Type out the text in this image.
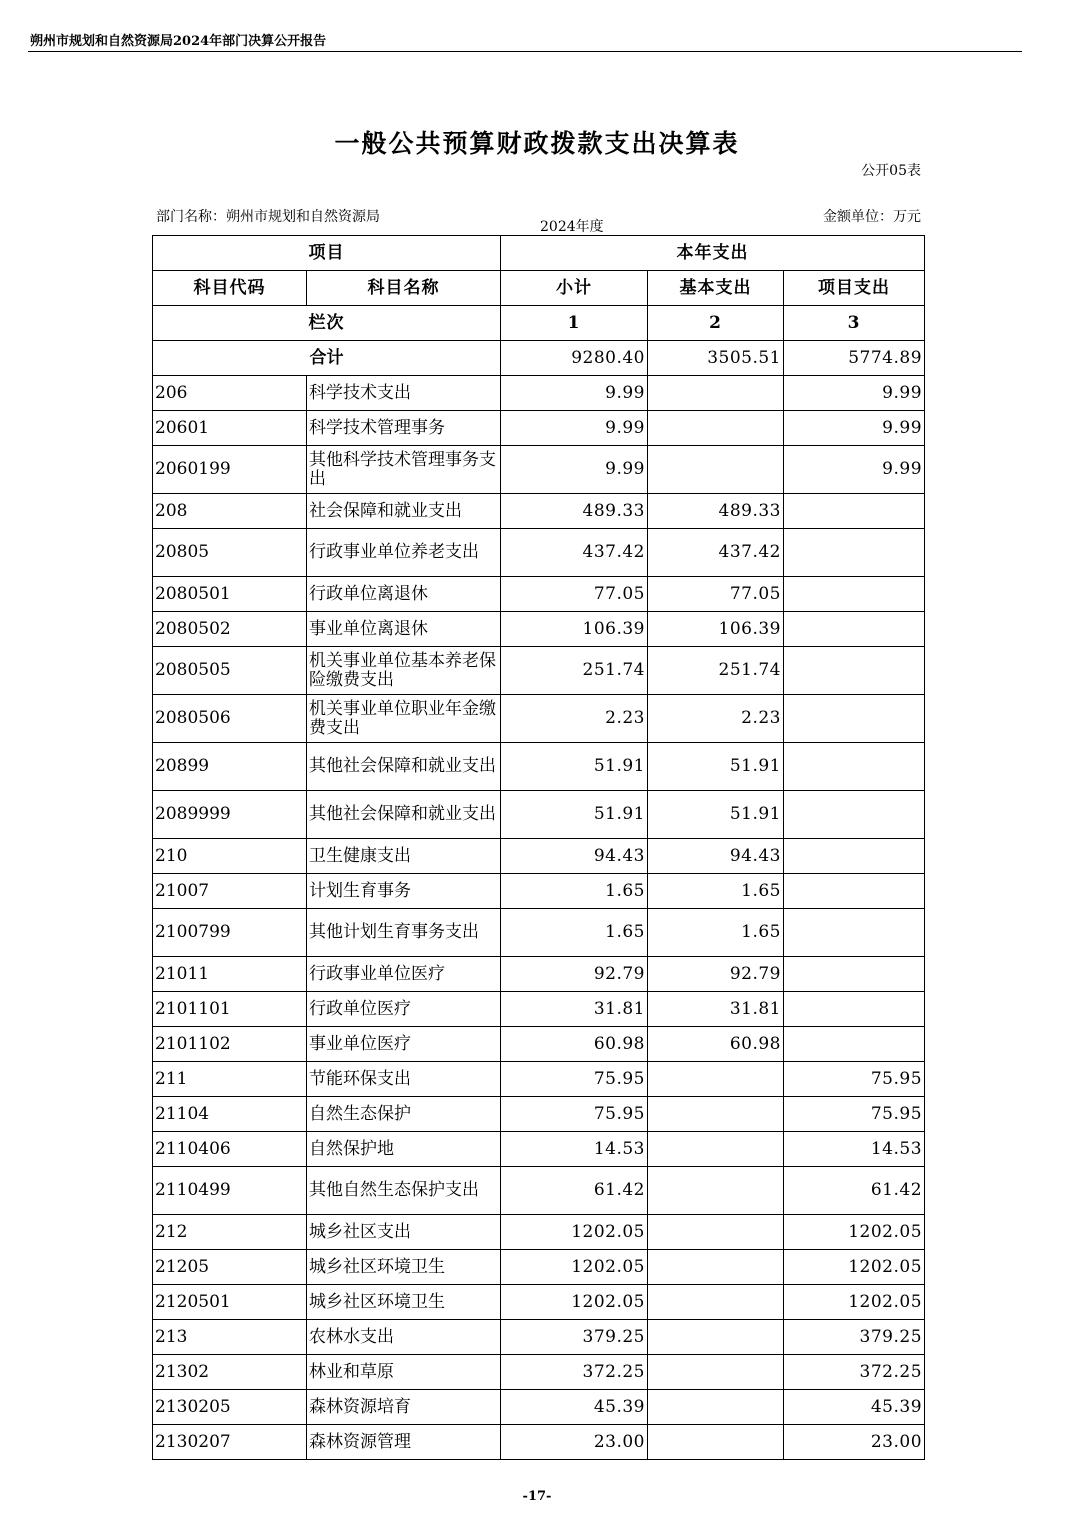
朔州市规划和自然资源局2024年部门决算公开报告
一般公共预算财政拨款支出决算表
公开05表
部门名称：朔州市规划和自然资源局
2024年度
金额单位：万元
项目		本年支出		
科目代码	科目名称	小计	基本支出	项目支出
栏次		1	2	3
合计		9280.40	3505.51	5774.89
206	科学技术支出	9.99		9.99
20601	科学技术管理事务	9.99		9.99
2060199	其他科学技术管理事务支出	9.99		9.99
208	社会保障和就业支出	489.33	489.33	
20805	行政事业单位养老支出	437.42	437.42	
2080501	行政单位离退休	77.05	77.05	
2080502	事业单位离退休	106.39	106.39	
2080505	机关事业单位基本养老保险缴费支出	251.74	251.74	
2080506	机关事业单位职业年金缴费支出	2.23	2.23	
20899	其他社会保障和就业支出	51.91	51.91	
2089999	其他社会保障和就业支出	51.91	51.91	
210	卫生健康支出	94.43	94.43	
21007	计划生育事务	1.65	1.65	
2100799	其他计划生育事务支出	1.65	1.65	
21011	行政事业单位医疗	92.79	92.79	
2101101	行政单位医疗	31.81	31.81	
2101102	事业单位医疗	60.98	60.98	
211	节能环保支出	75.95		75.95
21104	自然生态保护	75.95		75.95
2110406	自然保护地	14.53		14.53
2110499	其他自然生态保护支出	61.42		61.42
212	城乡社区支出	1202.05		1202.05
21205	城乡社区环境卫生	1202.05		1202.05
2120501	城乡社区环境卫生	1202.05		1202.05
213	农林水支出	379.25		379.25
21302	林业和草原	372.25		372.25
2130205	森林资源培育	45.39		45.39
2130207	森林资源管理	23.00		23.00
-17-
